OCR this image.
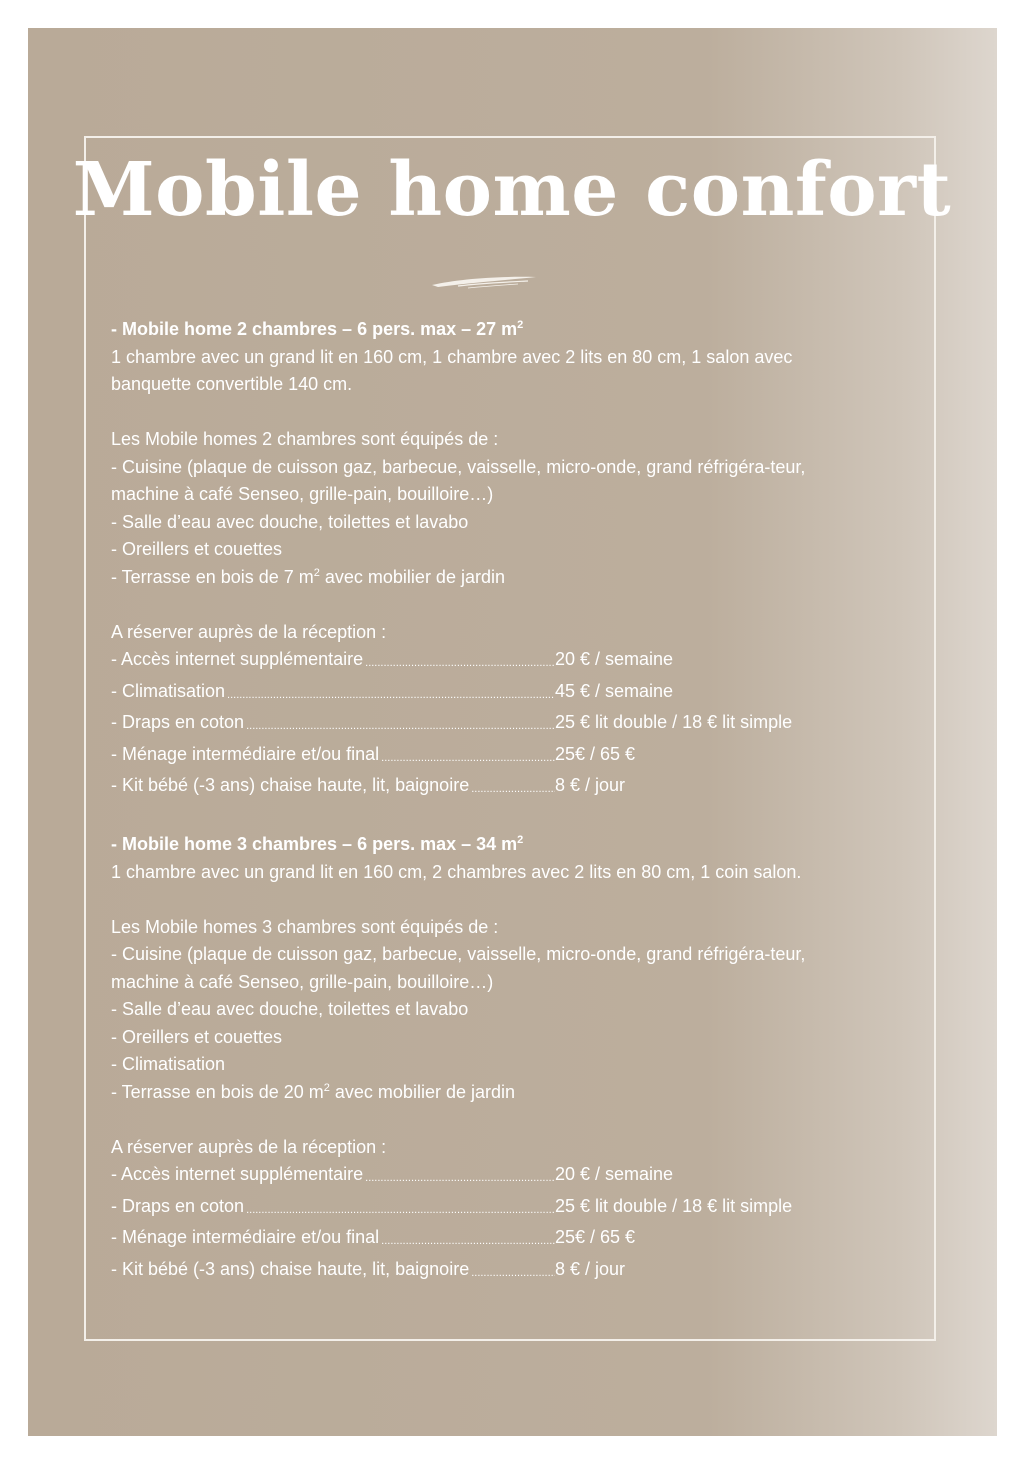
Mobile home confort

- Mobile home 2 chambres – 6 pers. max – 27 $m^2$

1 chambre avec un grand lit en 160 cm, 1 chambre avec 2 lits en 80 cm, 1 salon avec banquette convertible 140 cm.

Les Mobile homes 2 chambres sont équipés de :

- Cuisine (plaque de cuisson gaz, barbecue, vaisselle, micro-onde, grand réfrigéra-teur, machine à café Senseo, grille-pain, bouilloire…)

- Salle d’eau avec douche, toilettes et lavabo

- Oreillers et couettes

- Terrasse en bois de 7 $m^2$ avec mobilier de jardin

A réserver auprès de la réception :

- Accès internet supplémentaire .....	20 € / semaine
- Climatisation .....	45 € / semaine
- Draps en coton .....	25 € lit double / 18 € lit simple
- Ménage intermédiaire et/ou final .....	25€ / 65 €
- Kit bébé (-3 ans) chaise haute, lit, baignoire .....	8 € / jour

- Mobile home 3 chambres – 6 pers. max – 34 $m^2$

1 chambre avec un grand lit en 160 cm, 2 chambres avec 2 lits en 80 cm, 1 coin salon.

Les Mobile homes 3 chambres sont équipés de :

- Cuisine (plaque de cuisson gaz, barbecue, vaisselle, micro-onde, grand réfrigéra-teur, machine à café Senseo, grille-pain, bouilloire…)

- Salle d’eau avec douche, toilettes et lavabo

- Oreillers et couettes

- Climatisation

- Terrasse en bois de 20 $m^2$ avec mobilier de jardin

A réserver auprès de la réception :

- Accès internet supplémentaire .....	20 € / semaine
- Draps en coton .....	25 € lit double / 18 € lit simple
- Ménage intermédiaire et/ou final .....	25€ / 65 €
- Kit bébé (-3 ans) chaise haute, lit, baignoire .....	8 € / jour
